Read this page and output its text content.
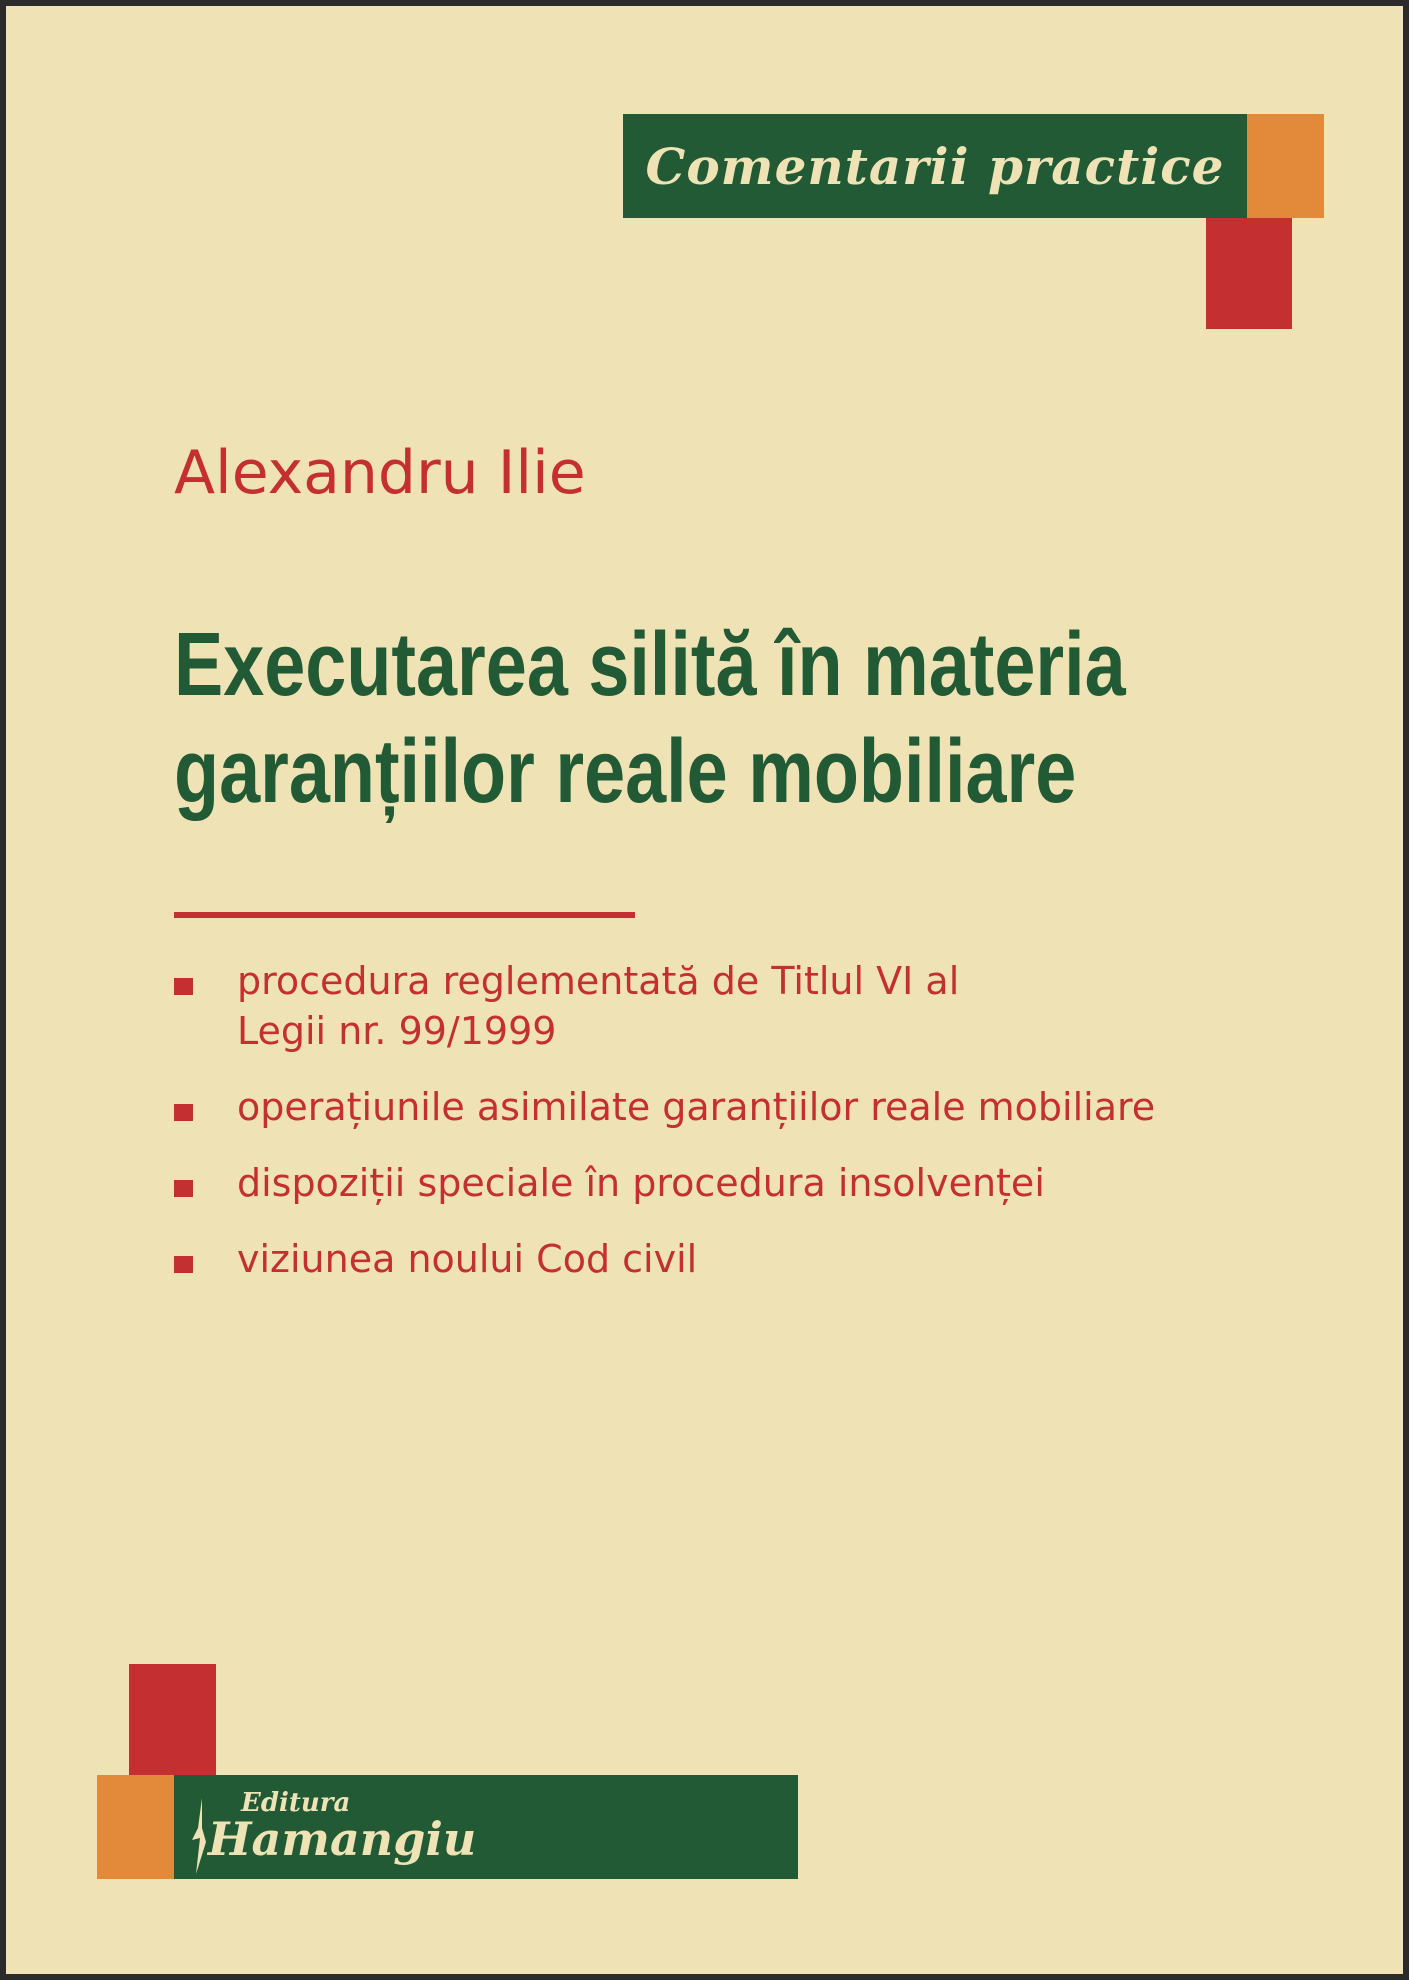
Comentarii practice
Alexandru Ilie
Executarea silită în materia
garanțiilor reale mobiliare
procedura reglementată de Titlul VI al
Legii nr. 99/1999
operațiunile asimilate garanțiilor reale mobiliare
dispoziții speciale în procedura insolvenței
viziunea noului Cod civil
Editura
Hamangiu
